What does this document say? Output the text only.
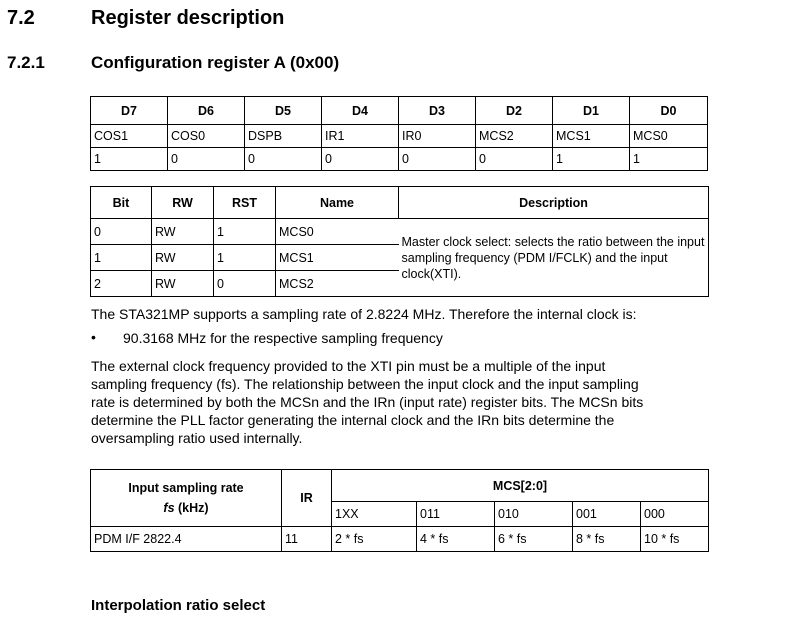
7.2	Register description
7.2.1	Configuration register A (0x00)
D7	D6	D5	D4	D3	D2	D1	D0
COS1	COS0	DSPB	IR1	IR0	MCS2	MCS1	MCS0
1	0	0	0	0	0	1	1
Bit	RW	RST	Name	Description
0	RW	1	MCS0	Master clock select: selects the ratio between the input sampling frequency (PDM I/FCLK) and the input clock(XTI).
1	RW	1	MCS1	
2	RW	0	MCS2	
The STA321MP supports a sampling rate of 2.8224 MHz. Therefore the internal clock is:
• 90.3168 MHz for the respective sampling frequency
The external clock frequency provided to the XTI pin must be a multiple of the input
sampling frequency (fs). The relationship between the input clock and the input sampling
rate is determined by both the MCSn and the IRn (input rate) register bits. The MCSn bits
determine the PLL factor generating the internal clock and the IRn bits determine the
oversampling ratio used internally.
Input sampling rate
fs (kHz)	IR	MCS[2:0]				
		1XX	011	010	001	000
PDM I/F 2822.4	11	2 * fs	4 * fs	6 * fs	8 * fs	10 * fs
Interpolation ratio select
